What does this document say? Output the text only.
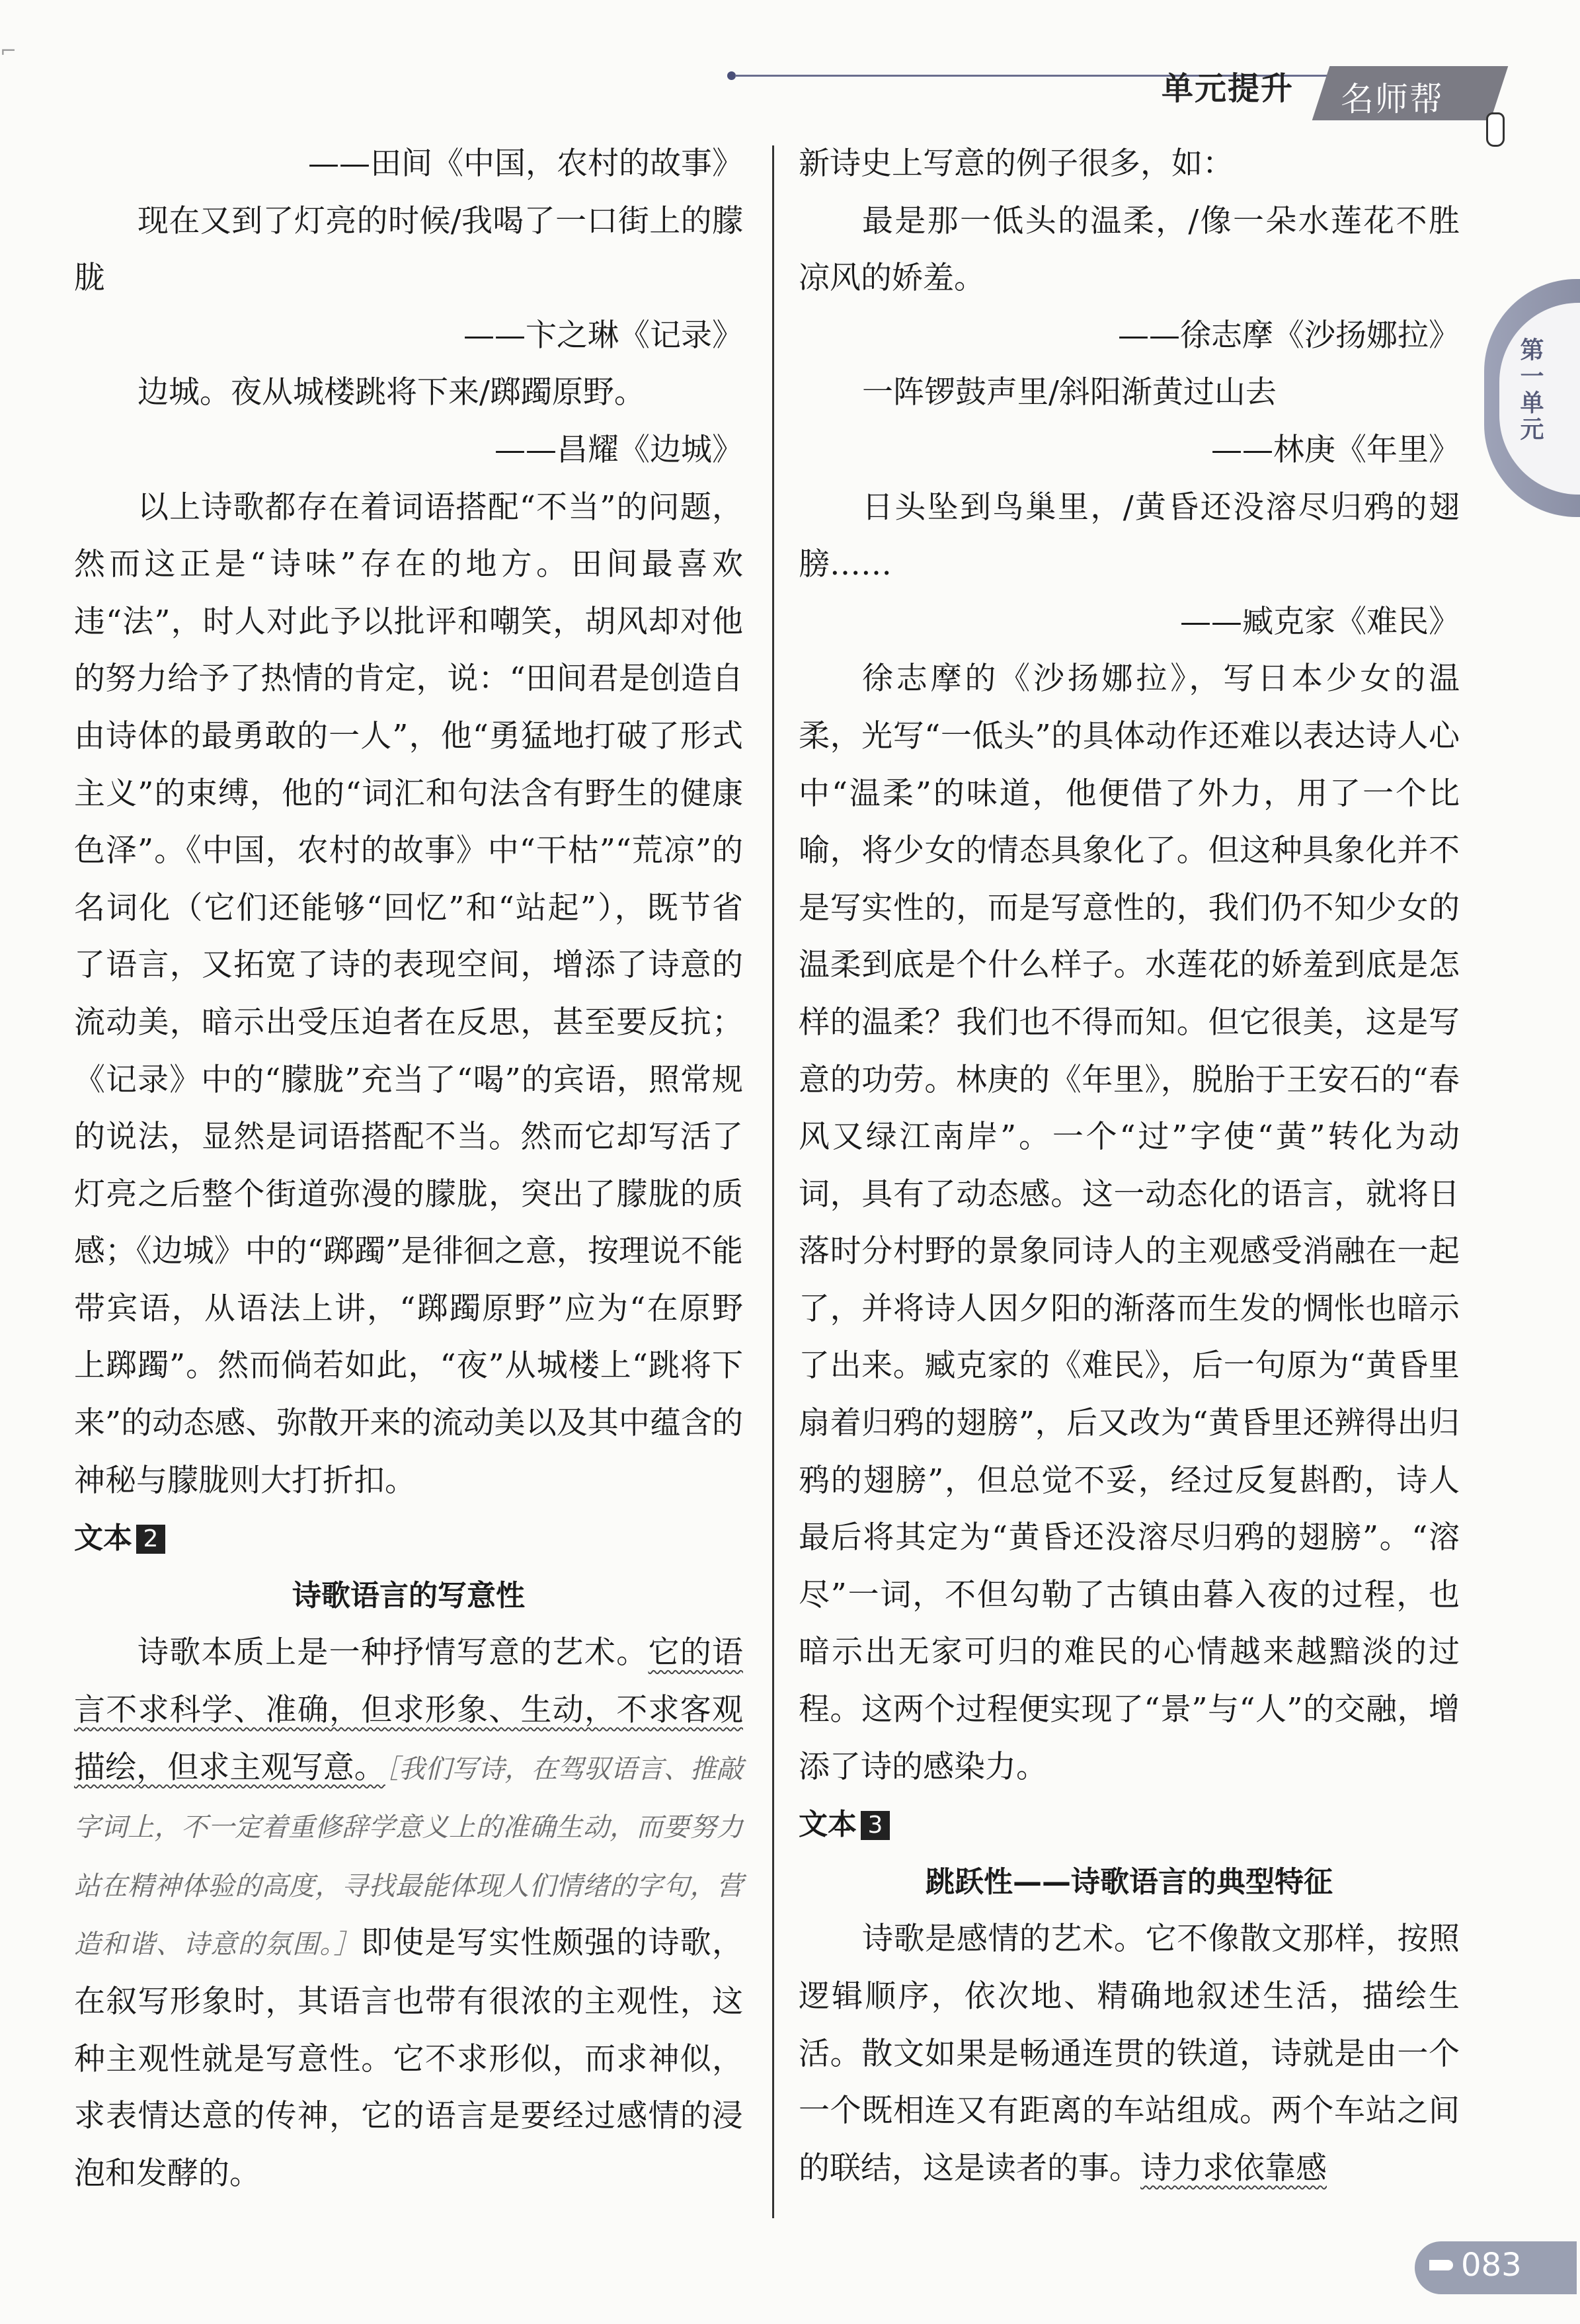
⌐
单元提升 名师帮
第一单元

——田间《中国，农村的故事》

现在又到了灯亮的时候/我喝了一口街上的朦胧

——卞之琳《记录》

边城。夜从城楼跳将下来/踯躅原野。

——昌耀《边城》

以上诗歌都存在着词语搭配“不当”的问题，然而这正是“诗味”存在的地方。田间最喜欢违“法”，时人对此予以批评和嘲笑，胡风却对他的努力给予了热情的肯定，说：“田间君是创造自由诗体的最勇敢的一人”，他“勇猛地打破了形式主义”的束缚，他的“词汇和句法含有野生的健康色泽”。《中国，农村的故事》中“干枯”“荒凉”的名词化（它们还能够“回忆”和“站起”），既节省了语言，又拓宽了诗的表现空间，增添了诗意的流动美，暗示出受压迫者在反思，甚至要反抗；《记录》中的“朦胧”充当了“喝”的宾语，照常规的说法，显然是词语搭配不当。然而它却写活了灯亮之后整个街道弥漫的朦胧，突出了朦胧的质感；《边城》中的“踯躅”是徘徊之意，按理说不能带宾语，从语法上讲，“踯躅原野”应为“在原野上踯躅”。然而倘若如此，“夜”从城楼上“跳将下来”的动态感、弥散开来的流动美以及其中蕴含的神秘与朦胧则大打折扣。

文本 2

诗歌语言的写意性

诗歌本质上是一种抒情写意的艺术。它的语言不求科学、准确，但求形象、生动，不求客观描绘，但求主观写意。［我们写诗，在驾驭语言、推敲字词上，不一定着重修辞学意义上的准确生动，而要努力站在精神体验的高度，寻找最能体现人们情绪的字句，营造和谐、诗意的氛围。］即使是写实性颇强的诗歌，在叙写形象时，其语言也带有很浓的主观性，这种主观性就是写意性。它不求形似，而求神似，求表情达意的传神，它的语言是要经过感情的浸泡和发酵的。

新诗史上写意的例子很多，如：

最是那一低头的温柔，/像一朵水莲花不胜凉风的娇羞。

——徐志摩《沙扬娜拉》

一阵锣鼓声里/斜阳渐黄过山去

——林庚《年里》

日头坠到鸟巢里，/黄昏还没溶尽归鸦的翅膀……

——臧克家《难民》

徐志摩的《沙扬娜拉》，写日本少女的温柔，光写“一低头”的具体动作还难以表达诗人心中“温柔”的味道，他便借了外力，用了一个比喻，将少女的情态具象化了。但这种具象化并不是写实性的，而是写意性的，我们仍不知少女的温柔到底是个什么样子。水莲花的娇羞到底是怎样的温柔？我们也不得而知。但它很美，这是写意的功劳。林庚的《年里》，脱胎于王安石的“春风又绿江南岸”。一个“过”字使“黄”转化为动词，具有了动态感。这一动态化的语言，就将日落时分村野的景象同诗人的主观感受消融在一起了，并将诗人因夕阳的渐落而生发的惆怅也暗示了出来。臧克家的《难民》，后一句原为“黄昏里扇着归鸦的翅膀”，后又改为“黄昏里还辨得出归鸦的翅膀”，但总觉不妥，经过反复斟酌，诗人最后将其定为“黄昏还没溶尽归鸦的翅膀”。“溶尽”一词，不但勾勒了古镇由暮入夜的过程，也暗示出无家可归的难民的心情越来越黯淡的过程。这两个过程便实现了“景”与“人”的交融，增添了诗的感染力。

文本 3

跳跃性——诗歌语言的典型特征

诗歌是感情的艺术。它不像散文那样，按照逻辑顺序，依次地、精确地叙述生活，描绘生活。散文如果是畅通连贯的铁道，诗就是由一个一个既相连又有距离的车站组成。两个车站之间的联结，这是读者的事。诗力求依靠感

083
